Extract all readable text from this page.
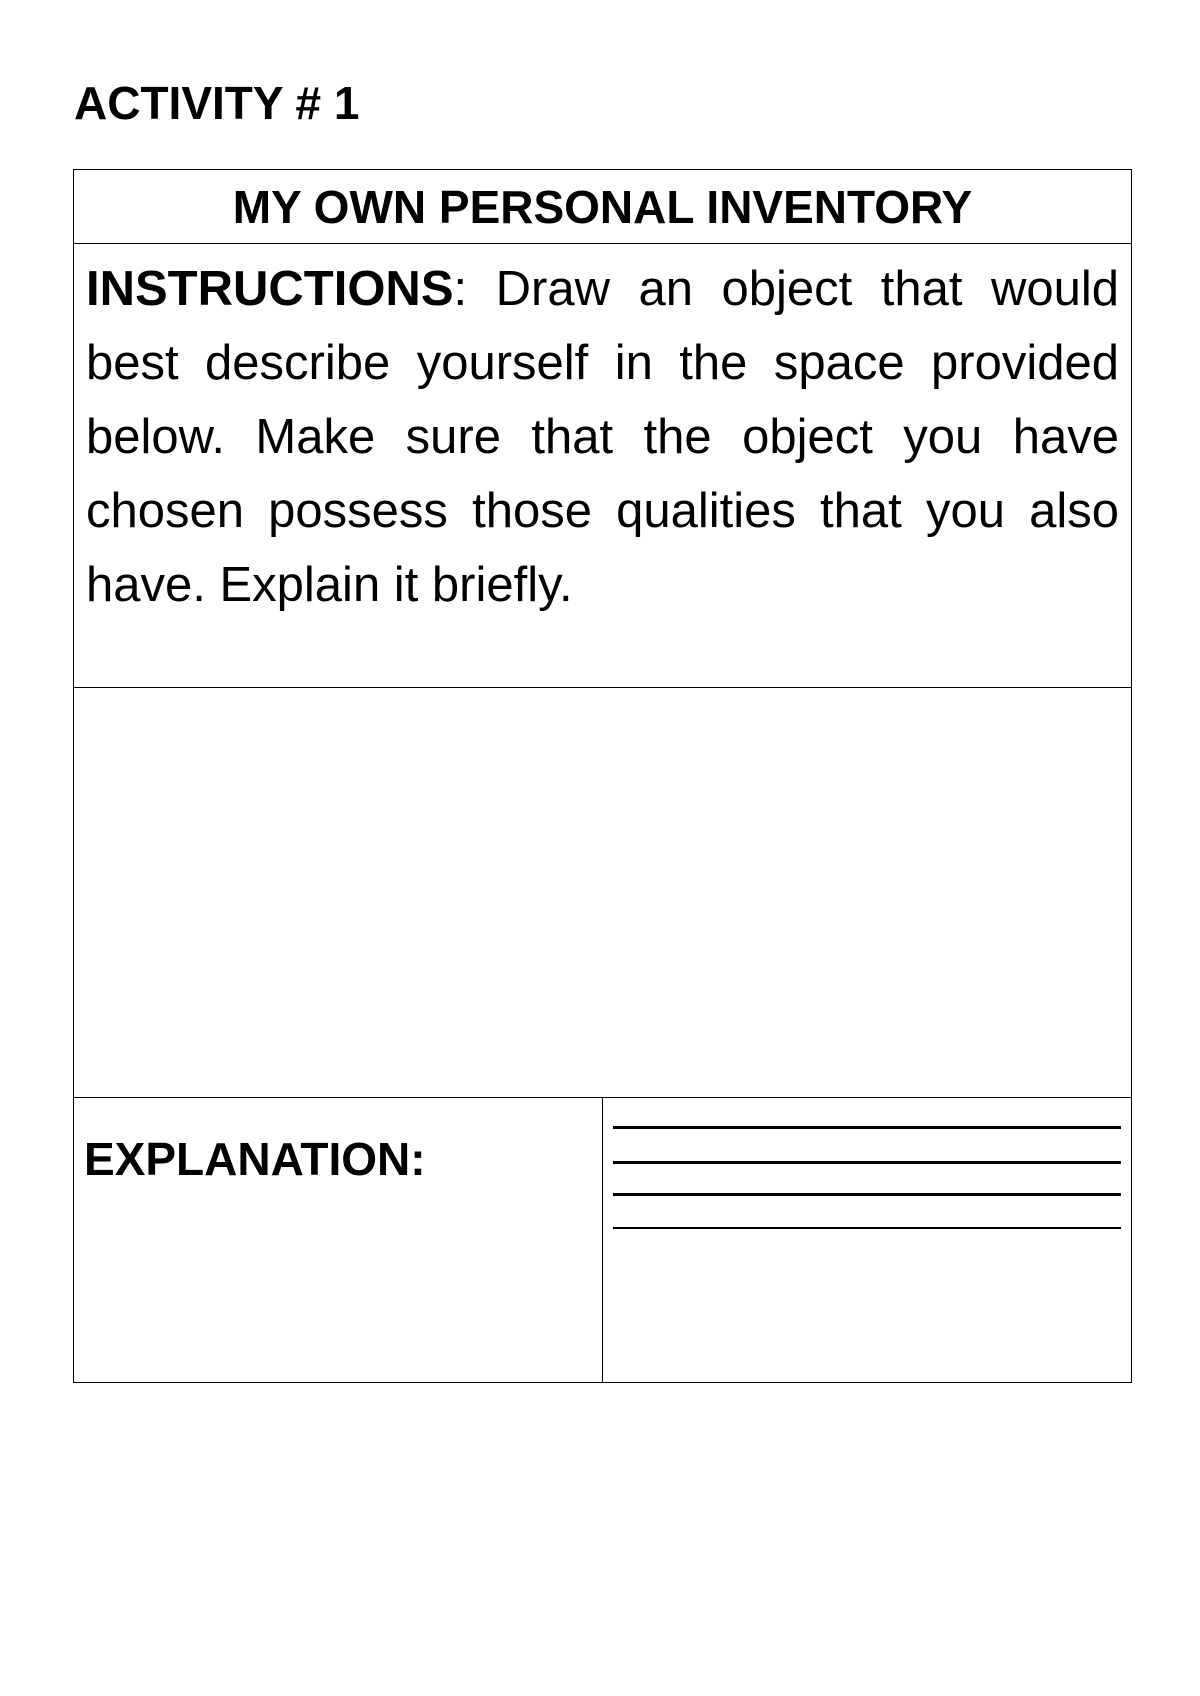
ACTIVITY # 1
MY OWN PERSONAL INVENTORY
INSTRUCTIONS: Draw an object that would best describe yourself in the space provided below. Make sure that the object you have chosen possess those qualities that you also have. Explain it briefly.

EXPLANATION:	
